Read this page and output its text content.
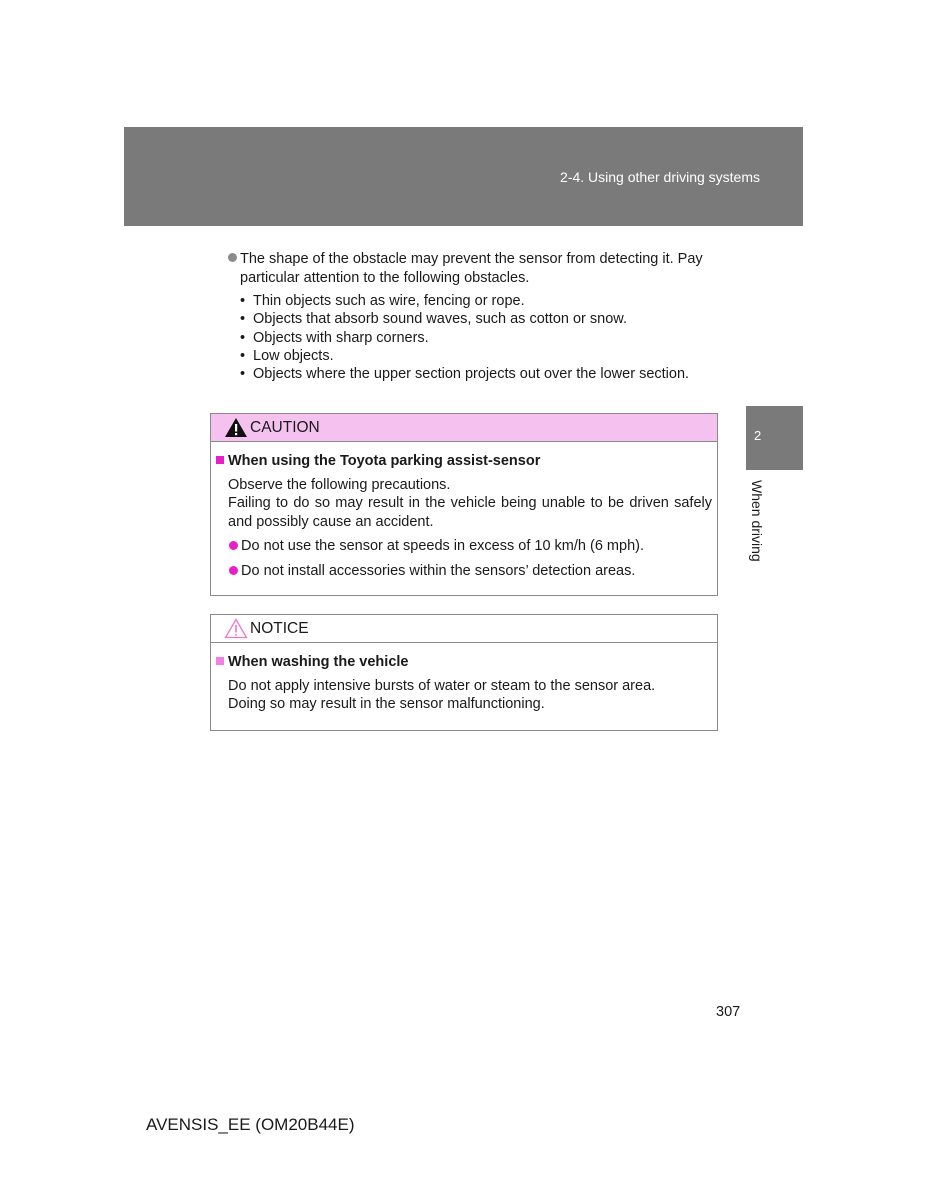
2-4. Using other driving systems
2
When driving
The shape of the obstacle may prevent the sensor from detecting it. Pay
particular attention to the following obstacles.
• Thin objects such as wire, fencing or rope.
• Objects that absorb sound waves, such as cotton or snow.
• Objects with sharp corners.
• Low objects.
• Objects where the upper section projects out over the lower section.
CAUTION
When using the Toyota parking assist-sensor
Observe the following precautions.
Failing to do so may result in the vehicle being unable to be driven safely and possibly cause an accident.
Do not use the sensor at speeds in excess of 10 km/h (6 mph).
Do not install accessories within the sensors’ detection areas.
NOTICE
When washing the vehicle
Do not apply intensive bursts of water or steam to the sensor area.
Doing so may result in the sensor malfunctioning.
307
AVENSIS_EE (OM20B44E)
